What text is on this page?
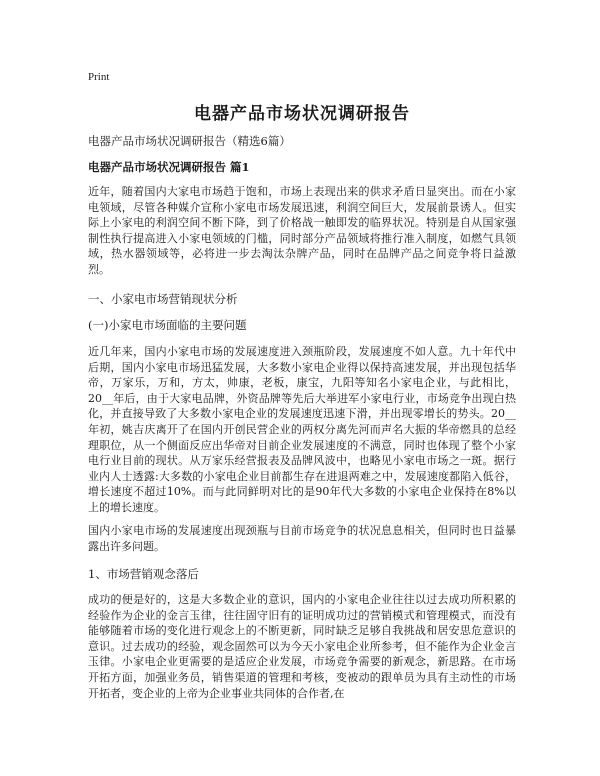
Print
电器产品市场状况调研报告

电器产品市场状况调研报告（精选6篇）

电器产品市场状况调研报告 篇1

近年，随着国内大家电市场趋于饱和，市场上表现出来的供求矛盾日显突出。而在小家电领域，尽管各种媒介宣称小家电市场发展迅速，利润空间巨大，发展前景诱人。但实际上小家电的利润空间不断下降，到了价格战一触即发的临界状况。特别是自从国家强制性执行提高进入小家电领域的门槛，同时部分产品领域将推行准入制度，如燃气具领域，热水器领域等，必将进一步去淘汰杂牌产品，同时在品牌产品之间竞争将日益激烈。

一、小家电市场营销现状分析

(一)小家电市场面临的主要问题

近几年来，国内小家电市场的发展速度进入颈瓶阶段，发展速度不如人意。九十年代中后期，国内小家电市场迅猛发展，大多数小家电企业得以保持高速发展，并出现包括华帝，万家乐，万和，方太，帅康，老板，康宝，九阳等知名小家电企业，与此相比，20__年后，由于大家电品牌，外资品牌等先后大举进军小家电行业，市场竞争出现白热化，并直接导致了大多数小家电企业的发展速度迅速下滑，并出现零增长的势头。20__年初，姚吉庆离开了在国内开创民营企业的两权分离先河而声名大振的华帝燃具的总经理职位，从一个侧面反应出华帝对目前企业发展速度的不满意，同时也体现了整个小家电行业目前的现状。从万家乐经营报表及品牌风波中，也略见小家电市场之一斑。据行业内人士透露:大多数的小家电企业目前都生存在进退两难之中，发展速度都陷入低谷，增长速度不超过10%。而与此同鲜明对比的是90年代大多数的小家电企业保持在8%以上的增长速度。

国内小家电市场的发展速度出现颈瓶与目前市场竞争的状况息息相关，但同时也日益暴露出许多问题。

1、市场营销观念落后

成功的便是好的，这是大多数企业的意识，国内的小家电企业往往以过去成功所积累的经验作为企业的金言玉律，往往固守旧有的证明成功过的营销模式和管理模式，而没有能够随着市场的变化进行观念上的不断更新，同时缺乏足够自我挑战和居安思危意识的意识。过去成功的经验，观念固然可以为今天小家电企业所参考，但不能作为企业金言玉律。小家电企业更需要的是适应企业发展，市场竞争需要的新观念，新思路。在市场开拓方面，加强业务员，销售渠道的管理和考核，变被动的跟单员为具有主动性的市场开拓者，变企业的上帝为企业事业共同体的合作者,在
